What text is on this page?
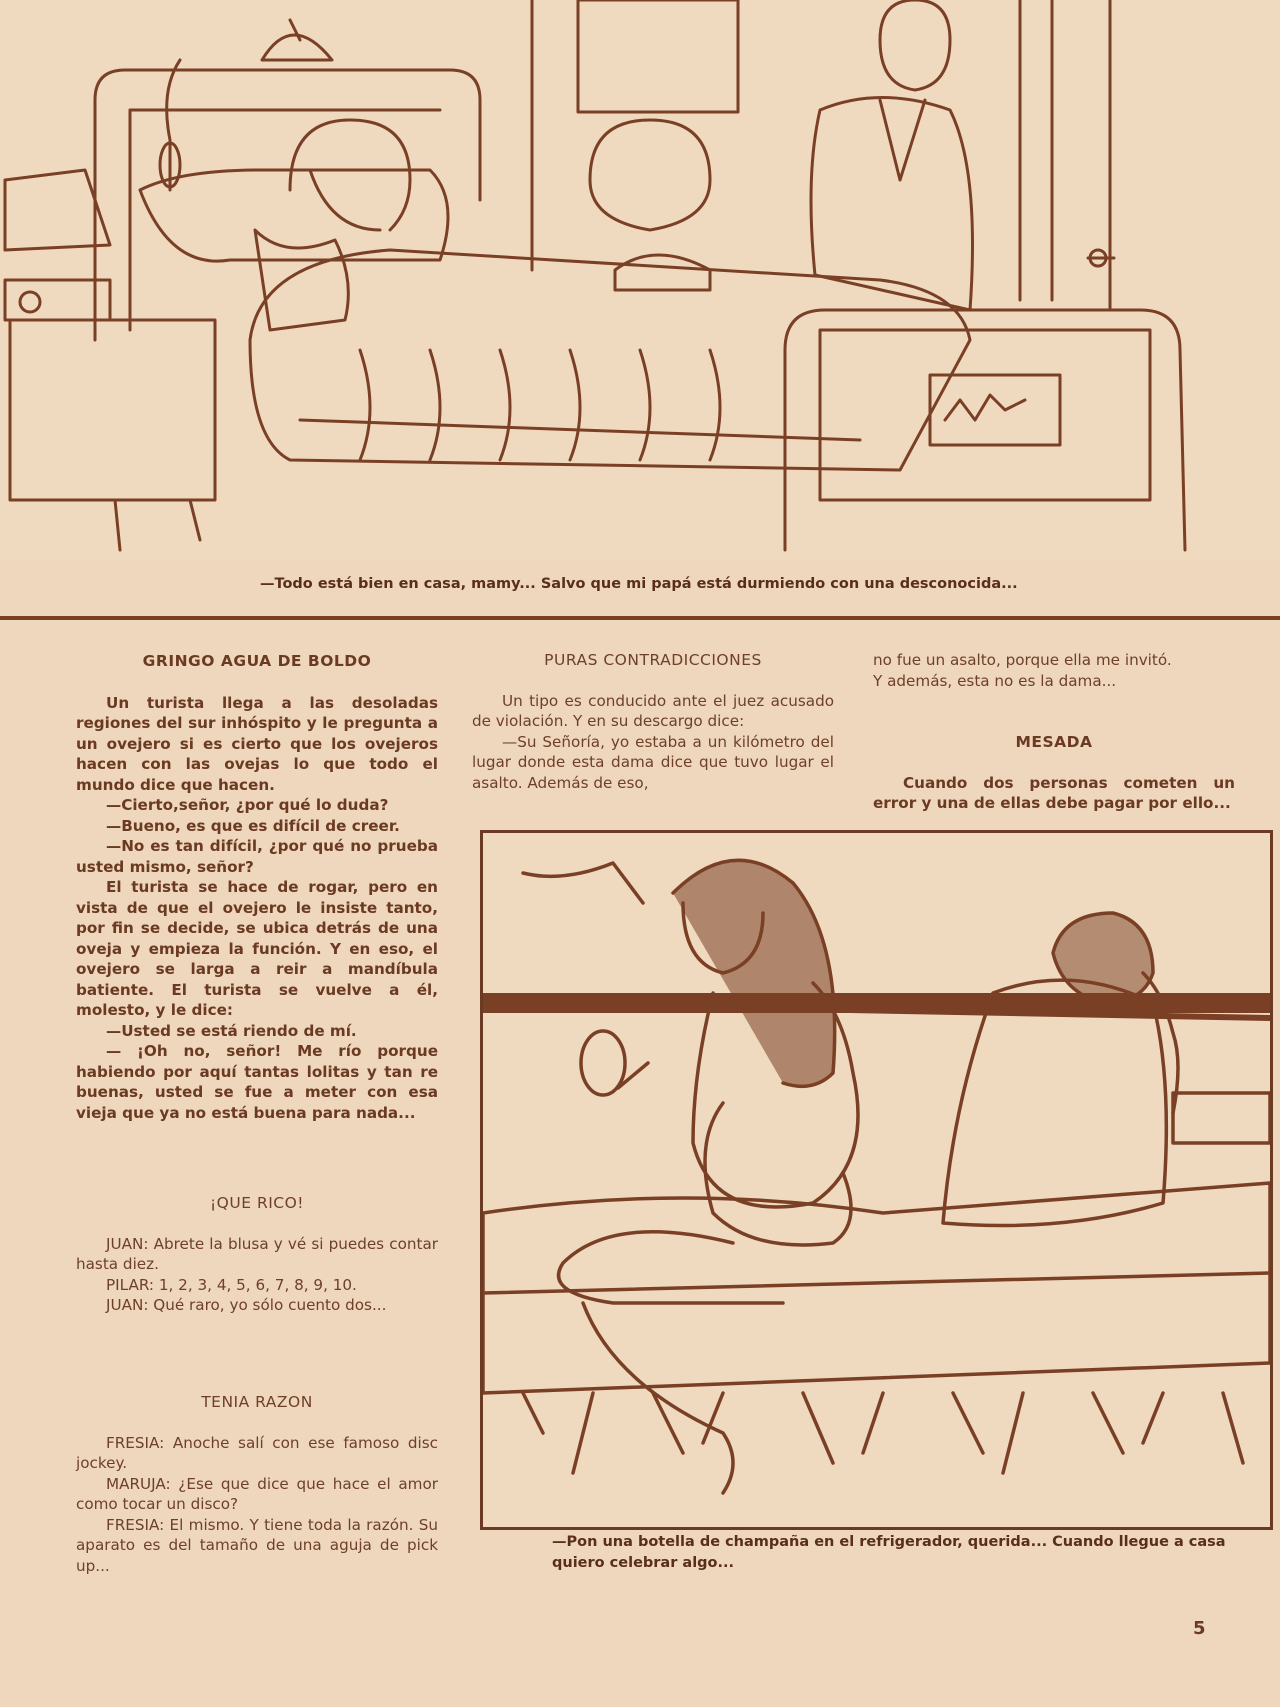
—Todo está bien en casa, mamy... Salvo que mi papá está durmiendo con una desconocida...
GRINGO AGUA DE BOLDO

Un turista llega a las desoladas regiones del sur inhóspito y le pregunta a un ovejero si es cierto que los ovejeros hacen con las ovejas lo que todo el mundo dice que hacen.

—Cierto,señor, ¿por qué lo duda?

—Bueno, es que es difícil de creer.

—No es tan difícil, ¿por qué no prueba usted mismo, señor?

El turista se hace de rogar, pero en vista de que el ovejero le insiste tanto, por fin se decide, se ubica detrás de una oveja y empieza la función. Y en eso, el ovejero se larga a reir a mandíbula batiente. El turista se vuelve a él, molesto, y le dice:

—Usted se está riendo de mí.

— ¡Oh no, señor! Me río porque habiendo por aquí tantas lolitas y tan re buenas, usted se fue a meter con esa vieja que ya no está buena para nada...

¡QUE RICO!

JUAN: Abrete la blusa y vé si puedes contar hasta diez.

PILAR: 1, 2, 3, 4, 5, 6, 7, 8, 9, 10.

JUAN: Qué raro, yo sólo cuento dos...

TENIA RAZON

FRESIA: Anoche salí con ese famoso disc jockey.

MARUJA: ¿Ese que dice que hace el amor como tocar un disco?

FRESIA: El mismo. Y tiene toda la razón. Su aparato es del tamaño de una aguja de pick up...

PURAS CONTRADICCIONES

Un tipo es conducido ante el juez acusado de violación. Y en su descargo dice:

—Su Señoría, yo estaba a un kilómetro del lugar donde esta dama dice que tuvo lugar el asalto. Además de eso,

no fue un asalto, porque ella me invitó.

Y además, esta no es la dama...

MESADA

Cuando dos personas cometen un error y una de ellas debe pagar por ello...

—Pon una botella de champaña en el refrigerador, querida... Cuando llegue a casa quiero celebrar algo...
5
